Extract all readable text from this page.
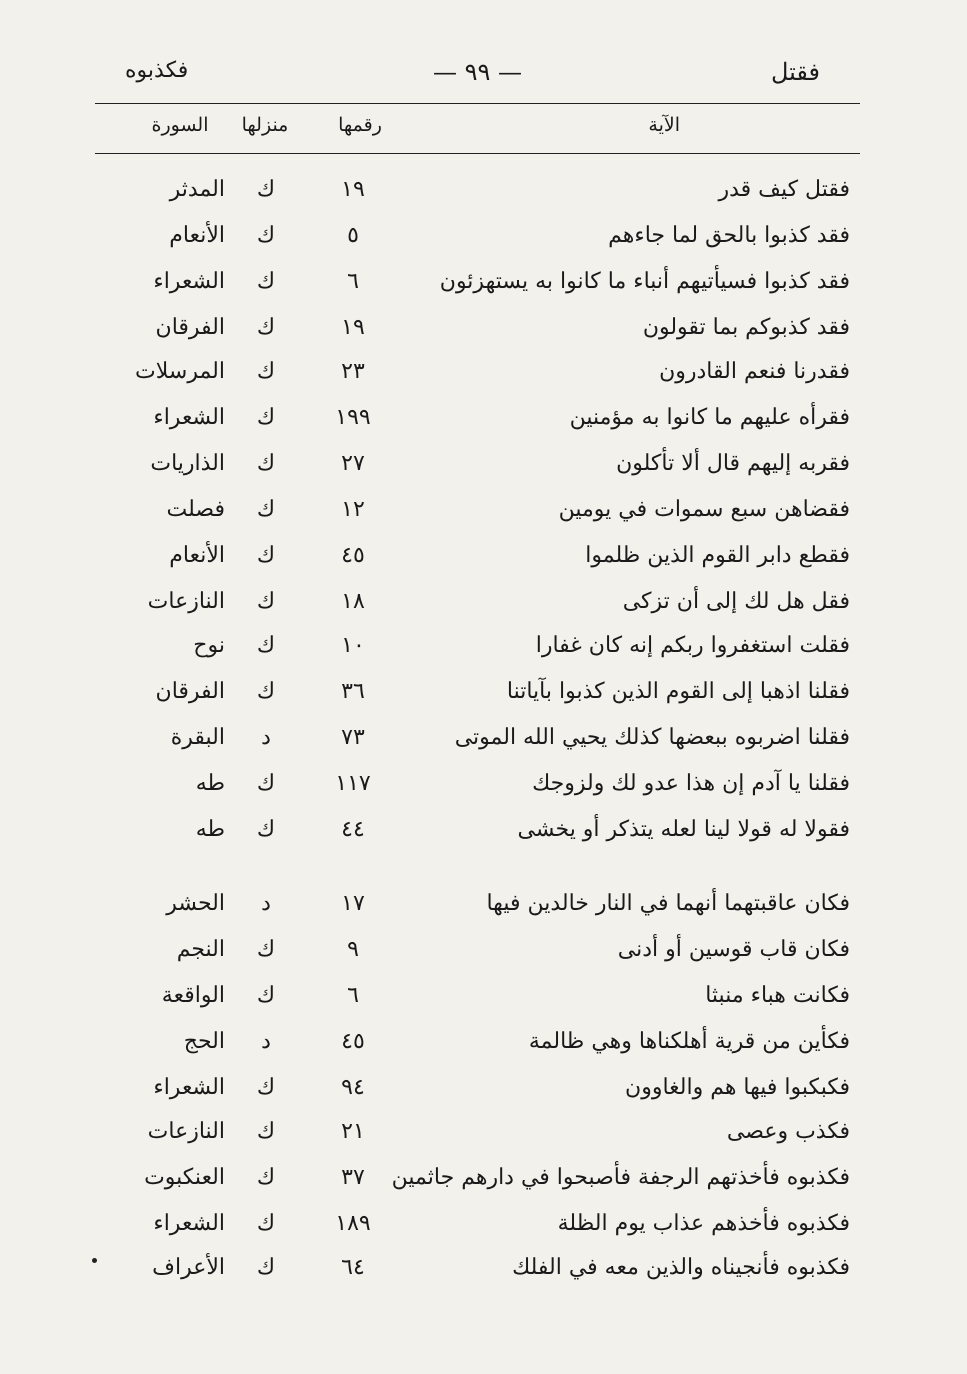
فقتل
— ٩٩ —
فكذبوه
الآية
رقمها
منزلها
السورة
فقتل كيف قدر
١٩
ك
المدثر
فقد كذبوا بالحق لما جاءهم
٥
ك
الأنعام
فقد كذبوا فسيأتيهم أنباء ما كانوا به يستهزئون
٦
ك
الشعراء
فقد كذبوكم بما تقولون
١٩
ك
الفرقان
فقدرنا فنعم القادرون
٢٣
ك
المرسلات
فقرأه عليهم ما كانوا به مؤمنين
١٩٩
ك
الشعراء
فقربه إليهم قال ألا تأكلون
٢٧
ك
الذاريات
فقضاهن سبع سموات في يومين
١٢
ك
فصلت
فقطع دابر القوم الذين ظلموا
٤٥
ك
الأنعام
فقل هل لك إلى أن تزكى
١٨
ك
النازعات
فقلت استغفروا ربكم إنه كان غفارا
١٠
ك
نوح
فقلنا اذهبا إلى القوم الذين كذبوا بآياتنا
٣٦
ك
الفرقان
فقلنا اضربوه ببعضها كذلك يحيي الله الموتى
٧٣
د
البقرة
فقلنا يا آدم إن هذا عدو لك ولزوجك
١١٧
ك
طه
فقولا له قولا لينا لعله يتذكر أو يخشى
٤٤
ك
طه
فكان عاقبتهما أنهما في النار خالدين فيها
١٧
د
الحشر
فكان قاب قوسين أو أدنى
٩
ك
النجم
فكانت هباء منبثا
٦
ك
الواقعة
فكأين من قرية أهلكناها وهي ظالمة
٤٥
د
الحج
فكبكبوا فيها هم والغاوون
٩٤
ك
الشعراء
فكذب وعصى
٢١
ك
النازعات
فكذبوه فأخذتهم الرجفة فأصبحوا في دارهم جاثمين
٣٧
ك
العنكبوت
فكذبوه فأخذهم عذاب يوم الظلة
١٨٩
ك
الشعراء
فكذبوه فأنجيناه والذين معه في الفلك
٦٤
ك
الأعراف
